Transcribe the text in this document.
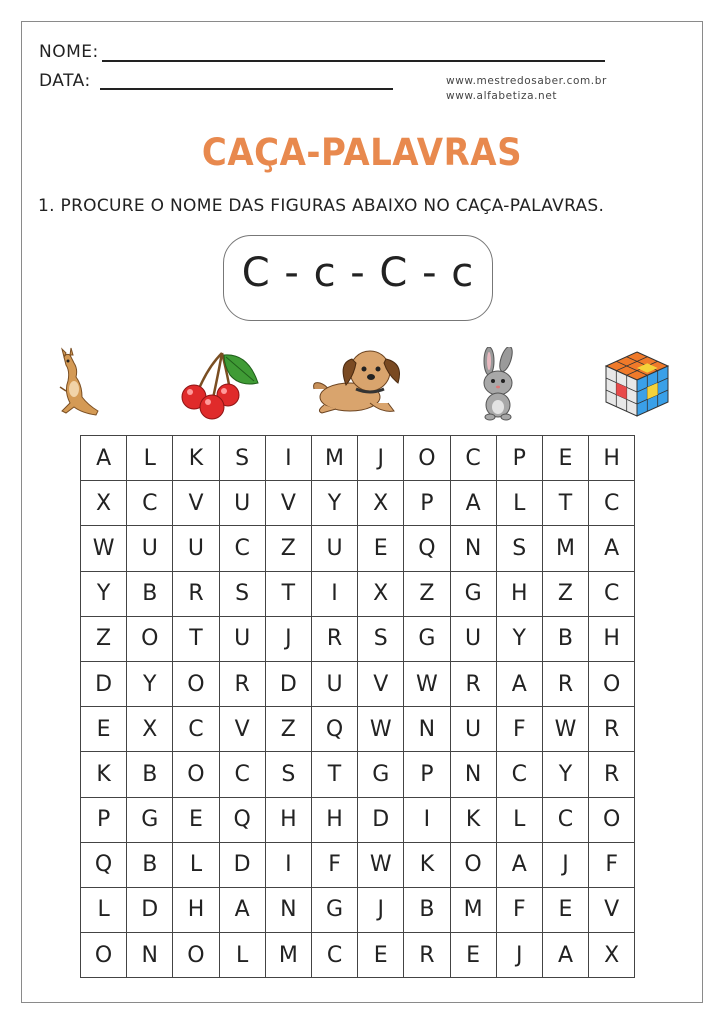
NOME:
DATA:	www.mestredosaber.com.br
www.alfabetiza.net
CAÇA-PALAVRAS
1. PROCURE O NOME DAS FIGURAS ABAIXO NO CAÇA-PALAVRAS.
C - c - C - c
A	L	K	S	I	M	J	O	C	P	E	H
X	C	V	U	V	Y	X	P	A	L	T	C
W	U	U	C	Z	U	E	Q	N	S	M	A
Y	B	R	S	T	I	X	Z	G	H	Z	C
Z	O	T	U	J	R	S	G	U	Y	B	H
D	Y	O	R	D	U	V	W	R	A	R	O
E	X	C	V	Z	Q	W	N	U	F	W	R
K	B	O	C	S	T	G	P	N	C	Y	R
P	G	E	Q	H	H	D	I	K	L	C	O
Q	B	L	D	I	F	W	K	O	A	J	F
L	D	H	A	N	G	J	B	M	F	E	V
O	N	O	L	M	C	E	R	E	J	A	X
